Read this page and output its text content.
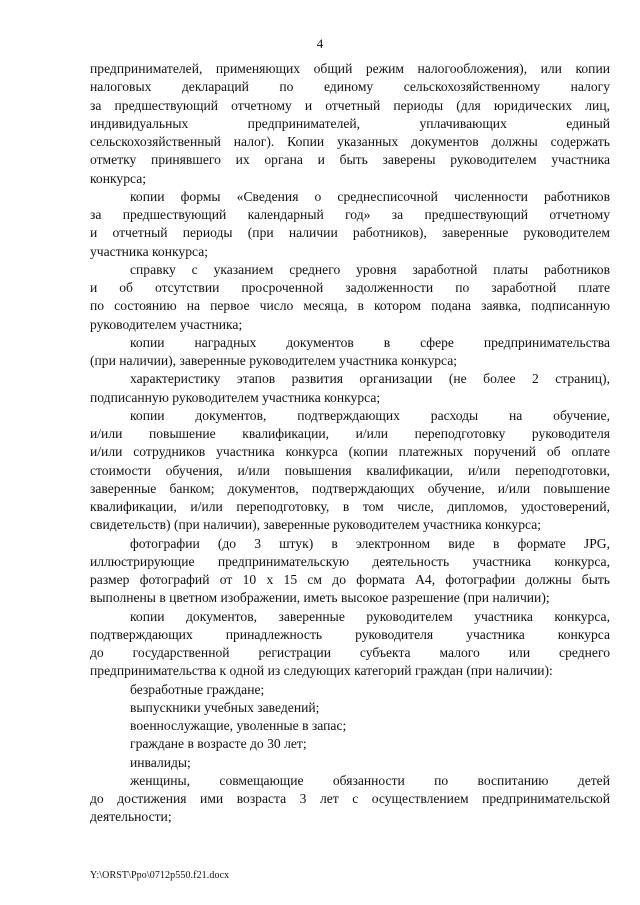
4
предпринимателей, применяющих общий режим налогообложения), или копии
налоговых деклараций по единому сельскохозяйственному налогу
за предшествующий отчетному и отчетный периоды (для юридических лиц,
индивидуальных предпринимателей, уплачивающих единый
сельскохозяйственный налог). Копии указанных документов должны содержать
отметку принявшего их органа и быть заверены руководителем участника
конкурса;
копии формы «Сведения о среднесписочной численности работников
за предшествующий календарный год» за предшествующий отчетному
и отчетный периоды (при наличии работников), заверенные руководителем
участника конкурса;
справку с указанием среднего уровня заработной платы работников
и об отсутствии просроченной задолженности по заработной плате
по состоянию на первое число месяца, в котором подана заявка, подписанную
руководителем участника;
копии наградных документов в сфере предпринимательства
(при наличии), заверенные руководителем участника конкурса;
характеристику этапов развития организации (не более 2 страниц),
подписанную руководителем участника конкурса;
копии документов, подтверждающих расходы на обучение,
и/или повышение квалификации, и/или переподготовку руководителя
и/или сотрудников участника конкурса (копии платежных поручений об оплате
стоимости обучения, и/или повышения квалификации, и/или переподготовки,
заверенные банком; документов, подтверждающих обучение, и/или повышение
квалификации, и/или переподготовку, в том числе, дипломов, удостоверений,
свидетельств) (при наличии), заверенные руководителем участника конкурса;
фотографии (до 3 штук) в электронном виде в формате JPG,
иллюстрирующие предпринимательскую деятельность участника конкурса,
размер фотографий от 10 x 15 см до формата А4, фотографии должны быть
выполнены в цветном изображении, иметь высокое разрешение (при наличии);
копии документов, заверенные руководителем участника конкурса,
подтверждающих принадлежность руководителя участника конкурса
до государственной регистрации субъекта малого или среднего
предпринимательства к одной из следующих категорий граждан (при наличии):
безработные граждане;
выпускники учебных заведений;
военнослужащие, уволенные в запас;
граждане в возрасте до 30 лет;
инвалиды;
женщины, совмещающие обязанности по воспитанию детей
до достижения ими возраста 3 лет с осуществлением предпринимательской
деятельности;
Y:\ORST\Ppo\0712p550.f21.docx
